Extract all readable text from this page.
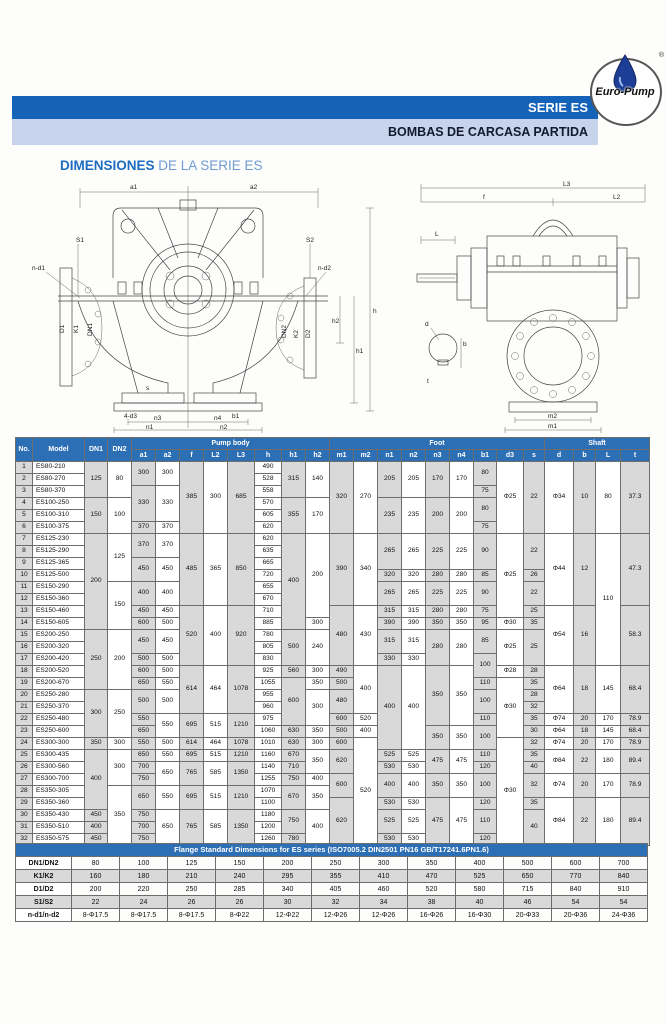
SERIE ES
BOMBAS DE CARCASA PARTIDA
Euro-Pump
®
DIMENSIONES DE LA SERIE ES
a1	a2
D1 K1 DN1
n-d1
DN2 K2 D2
n-d2
S1	S2
h2
h1
h
s
4-d3	b1
n3	n4
n1	n2
L3
f	L2
L
m2
m1
d
b
t
No.	Model	DN1	DN2	Pump body								Foot									Shaft			
				a1	a2	f	L2	L3	h	h1	h2	m1	m2	n1	n2	n3	n4	b1	d3	s	d	b	L	t
1	ES80-210	125	80	300	300	385	300	685	490	315	140	320	270	205	205	170	170	80	Φ25	22	Φ34	10	80	37.3
2	ES80-270								528															
3	ES80-370			330	330				558									75						
4	ES100-250	150	100						570	355	170			235	235	200	200	80						
5	ES100-310								605															
6	ES100-375			370	370				620									75						
7	ES125-230	200	125	370	370	485	365	850	620	400	200	390	340	265	265	225	225	90	Φ25	22	Φ44	12	110	47.3
8	ES125-290								635															
9	ES125-365			450	450				665															
10	ES125-500								720					320	320	280	280	85		26				
11	ES150-290		150	400	400				655					265	265	225	225	90		22				
12	ES150-360								670															
13	ES150-460			450	450	520	400	920	710			480	430	315	315	280	280	75		25	Φ54	16		58.3
14	ES150-605			600	500				885		300			390	390	350	350	95	Φ30	35				
15	ES200-250	250	200	450	450				780	500	240			315	315	280	280	85	Φ25	25				
16	ES200-320								805															
17	ES200-420			500	500				830					330	330			100						
18	ES200-520			600	500	614	464	1078	925	560	300	490	400	400	400	350	350		Φ28	28	Φ64	18	145	68.4
19	ES200-670			650	550				1055	600	350	500						110	Φ30	35				
20	ES250-280	300	250	500	500				955		300	480						100		28				
21	ES250-370								960											32				
22	ES250-480			550	550	695	515	1210	975			600	520					110		35	Φ74	20	170	78.9
23	ES250-600			650					1060	630	350	500	400			350	350	100		30	Φ64	18	145	68.4
24	ES300-300	350	300	550	500	614	464	1078	1010	630	300	600	520						Φ30	32	Φ74	20	170	78.9
25	ES300-435	400	300	650	550	695	515	1210	1160	670	350	620		525	525	475	475	110		35	Φ84	22	180	89.4
26	ES300-560			700	650	765	585	1350	1140	710				530	530			120		40				
27	ES300-700			750					1255	750	400	600		400	400	350	350	100		32	Φ74	20	170	78.9
28	ES350-305		350	650	550	695	515	1210	1070	670	350													
29	ES350-360								1100			620		530	530	475	475	120		35	Φ84	22	180	89.4
30	ES350-430	450		750	650	765	585	1350	1180	750	400			525	525			110		40				
31	ES350-510	400		700					1200															
32	ES350-575	450		750					1260	780				530	530			120						
Flange Standard Dimensions for ES series (ISO7005.2 DIN2501 PN16 GB/T17241.6PN1.6)												
DN1/DN2	80	100	125	150	200	250	300	350	400	500	600	700
K1/K2	160	180	210	240	295	355	410	470	525	650	770	840
D1/D2	200	220	250	285	340	405	460	520	580	715	840	910
S1/S2	22	24	26	26	30	32	34	38	40	46	54	54
n-d1/n-d2	8-Φ17.5	8-Φ17.5	8-Φ17.5	8-Φ22	12-Φ22	12-Φ26	12-Φ26	16-Φ26	16-Φ30	20-Φ33	20-Φ36	24-Φ36
